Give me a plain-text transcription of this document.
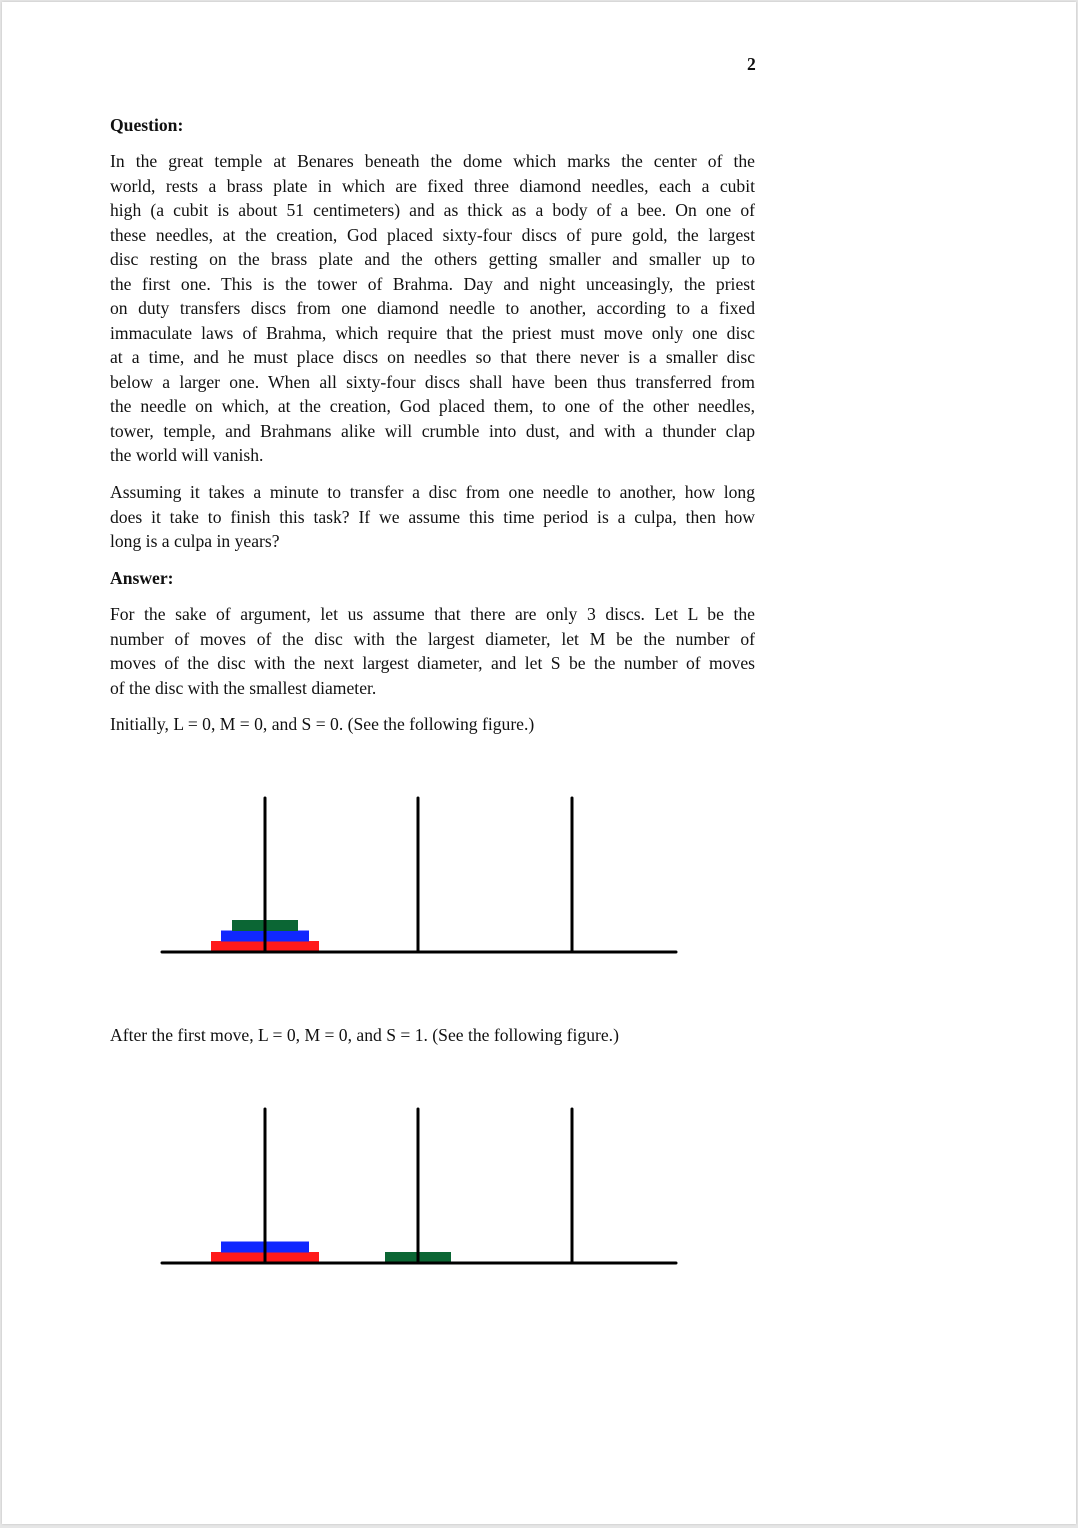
2
Question:
In the great temple at Benares beneath the dome which marks the center of the
world, rests a brass plate in which are fixed three diamond needles, each a cubit
high (a cubit is about 51 centimeters) and as thick as a body of a bee. On one of
these needles, at the creation, God placed sixty-four discs of pure gold, the largest
disc resting on the brass plate and the others getting smaller and smaller up to
the first one. This is the tower of Brahma. Day and night unceasingly, the priest
on duty transfers discs from one diamond needle to another, according to a fixed
immaculate laws of Brahma, which require that the priest must move only one disc
at a time, and he must place discs on needles so that there never is a smaller disc
below a larger one. When all sixty-four discs shall have been thus transferred from
the needle on which, at the creation, God placed them, to one of the other needles,
tower, temple, and Brahmans alike will crumble into dust, and with a thunder clap
the world will vanish.
Assuming it takes a minute to transfer a disc from one needle to another, how long
does it take to finish this task? If we assume this time period is a culpa, then how
long is a culpa in years?
Answer:
For the sake of argument, let us assume that there are only 3 discs. Let L be the
number of moves of the disc with the largest diameter, let M be the number of
moves of the disc with the next largest diameter, and let S be the number of moves
of the disc with the smallest diameter.
Initially, L = 0, M = 0, and S = 0. (See the following figure.)
After the first move, L = 0, M = 0, and S = 1. (See the following figure.)
